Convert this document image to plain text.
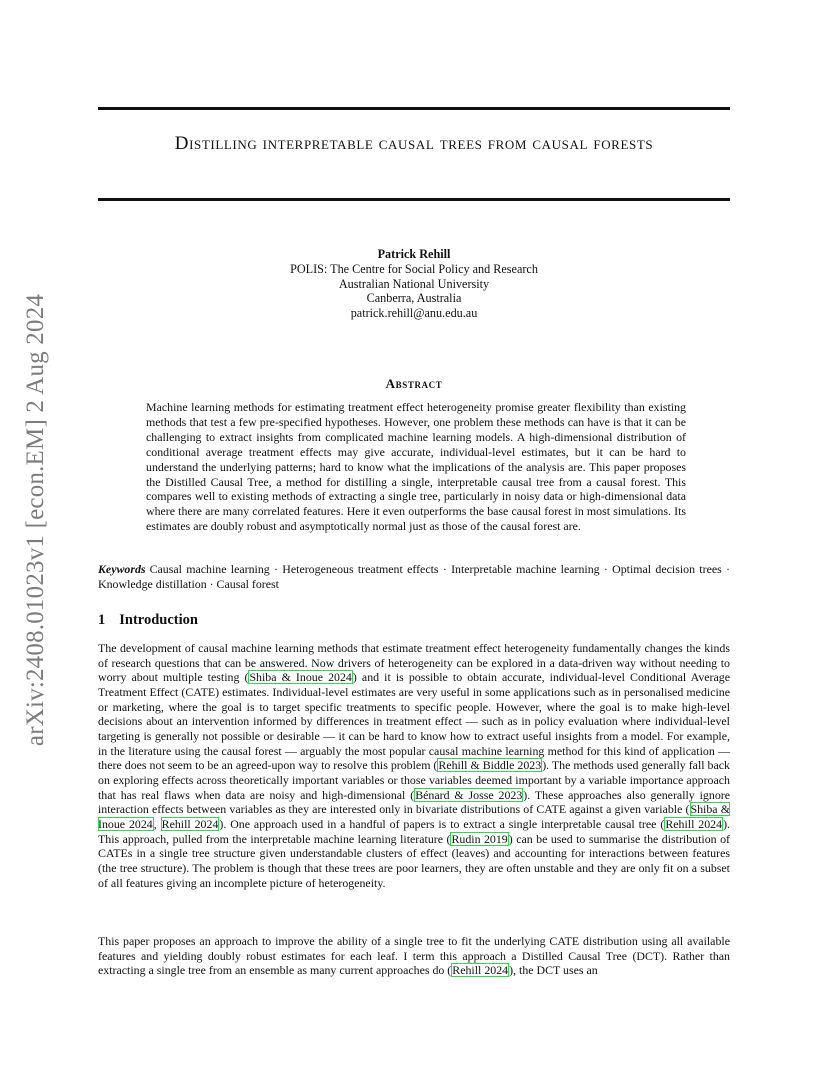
arXiv:2408.01023v1 [econ.EM] 2 Aug 2024
Distilling interpretable causal trees from causal forests
Patrick Rehill
POLIS: The Centre for Social Policy and Research
Australian National University
Canberra, Australia
patrick.rehill@anu.edu.au
Abstract
Machine learning methods for estimating treatment effect heterogeneity promise greater flexibility than existing methods that test a few pre-specified hypotheses. However, one problem these methods can have is that it can be challenging to extract insights from complicated machine learning models. A high-dimensional distribution of conditional average treatment effects may give accurate, individual-level estimates, but it can be hard to understand the underlying patterns; hard to know what the implications of the analysis are. This paper proposes the Distilled Causal Tree, a method for distilling a single, interpretable causal tree from a causal forest. This compares well to existing methods of extracting a single tree, particularly in noisy data or high-dimensional data where there are many correlated features. Here it even outperforms the base causal forest in most simulations. Its estimates are doubly robust and asymptotically normal just as those of the causal forest are.
Keywords Causal machine learning · Heterogeneous treatment effects · Interpretable machine learning · Optimal decision trees · Knowledge distillation · Causal forest
1 Introduction
The development of causal machine learning methods that estimate treatment effect heterogeneity fundamentally changes the kinds of research questions that can be answered. Now drivers of heterogeneity can be explored in a data-driven way without needing to worry about multiple testing (Shiba & Inoue 2024) and it is possible to obtain accurate, individual-level Conditional Average Treatment Effect (CATE) estimates. Individual-level estimates are very useful in some applications such as in personalised medicine or marketing, where the goal is to target specific treatments to specific people. However, where the goal is to make high-level decisions about an intervention informed by differences in treatment effect — such as in policy evaluation where individual-level targeting is generally not possible or desirable — it can be hard to know how to extract useful insights from a model. For example, in the literature using the causal forest — arguably the most popular causal machine learning method for this kind of application — there does not seem to be an agreed-upon way to resolve this problem (Rehill & Biddle 2023). The methods used generally fall back on exploring effects across theoretically important variables or those variables deemed important by a variable importance approach that has real flaws when data are noisy and high-dimensional (Bénard & Josse 2023). These approaches also generally ignore interaction effects between variables as they are interested only in bivariate distributions of CATE against a given variable (Shiba & Inoue 2024, Rehill 2024). One approach used in a handful of papers is to extract a single interpretable causal tree (Rehill 2024). This approach, pulled from the interpretable machine learning literature (Rudin 2019) can be used to summarise the distribution of CATEs in a single tree structure given understandable clusters of effect (leaves) and accounting for interactions between features (the tree structure). The problem is though that these trees are poor learners, they are often unstable and they are only fit on a subset of all features giving an incomplete picture of heterogeneity.
This paper proposes an approach to improve the ability of a single tree to fit the underlying CATE distribution using all available features and yielding doubly robust estimates for each leaf. I term this approach a Distilled Causal Tree (DCT). Rather than extracting a single tree from an ensemble as many current approaches do (Rehill 2024), the DCT uses an
